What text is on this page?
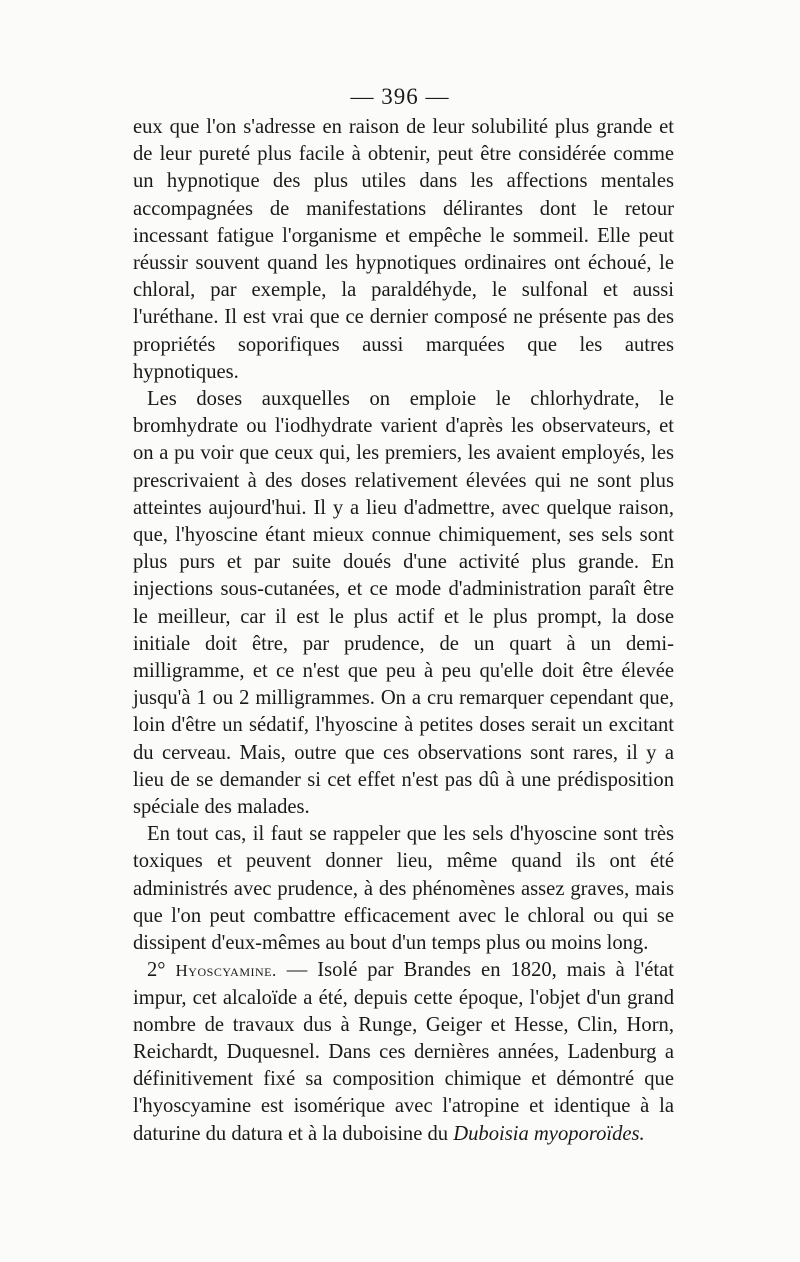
— 396 —

eux que l'on s'adresse en raison de leur solubilité plus grande et de leur pureté plus facile à obtenir, peut être considérée comme un hypnotique des plus utiles dans les affections mentales accompagnées de manifestations délirantes dont le retour incessant fatigue l'organisme et empêche le sommeil. Elle peut réussir souvent quand les hypnotiques ordinaires ont échoué, le chloral, par exemple, la paraldéhyde, le sulfonal et aussi l'uréthane. Il est vrai que ce dernier composé ne présente pas des propriétés soporifiques aussi marquées que les autres hypnotiques.

Les doses auxquelles on emploie le chlorhydrate, le bromhydrate ou l'iodhydrate varient d'après les observateurs, et on a pu voir que ceux qui, les premiers, les avaient employés, les prescrivaient à des doses relativement élevées qui ne sont plus atteintes aujourd'hui. Il y a lieu d'admettre, avec quelque raison, que, l'hyoscine étant mieux connue chimiquement, ses sels sont plus purs et par suite doués d'une activité plus grande. En injections sous-cutanées, et ce mode d'administration paraît être le meilleur, car il est le plus actif et le plus prompt, la dose initiale doit être, par prudence, de un quart à un demi-milligramme, et ce n'est que peu à peu qu'elle doit être élevée jusqu'à 1 ou 2 milligrammes. On a cru remarquer cependant que, loin d'être un sédatif, l'hyoscine à petites doses serait un excitant du cerveau. Mais, outre que ces observations sont rares, il y a lieu de se demander si cet effet n'est pas dû à une prédisposition spéciale des malades.

En tout cas, il faut se rappeler que les sels d'hyoscine sont très toxiques et peuvent donner lieu, même quand ils ont été administrés avec prudence, à des phénomènes assez graves, mais que l'on peut combattre efficacement avec le chloral ou qui se dissipent d'eux-mêmes au bout d'un temps plus ou moins long.

2° Hyoscyamine. — Isolé par Brandes en 1820, mais à l'état impur, cet alcaloïde a été, depuis cette époque, l'objet d'un grand nombre de travaux dus à Runge, Geiger et Hesse, Clin, Horn, Reichardt, Duquesnel. Dans ces dernières années, Ladenburg a définitivement fixé sa composition chimique et démontré que l'hyoscyamine est isomérique avec l'atropine et identique à la daturine du datura et à la duboisine du Duboisia myoporoïdes.
